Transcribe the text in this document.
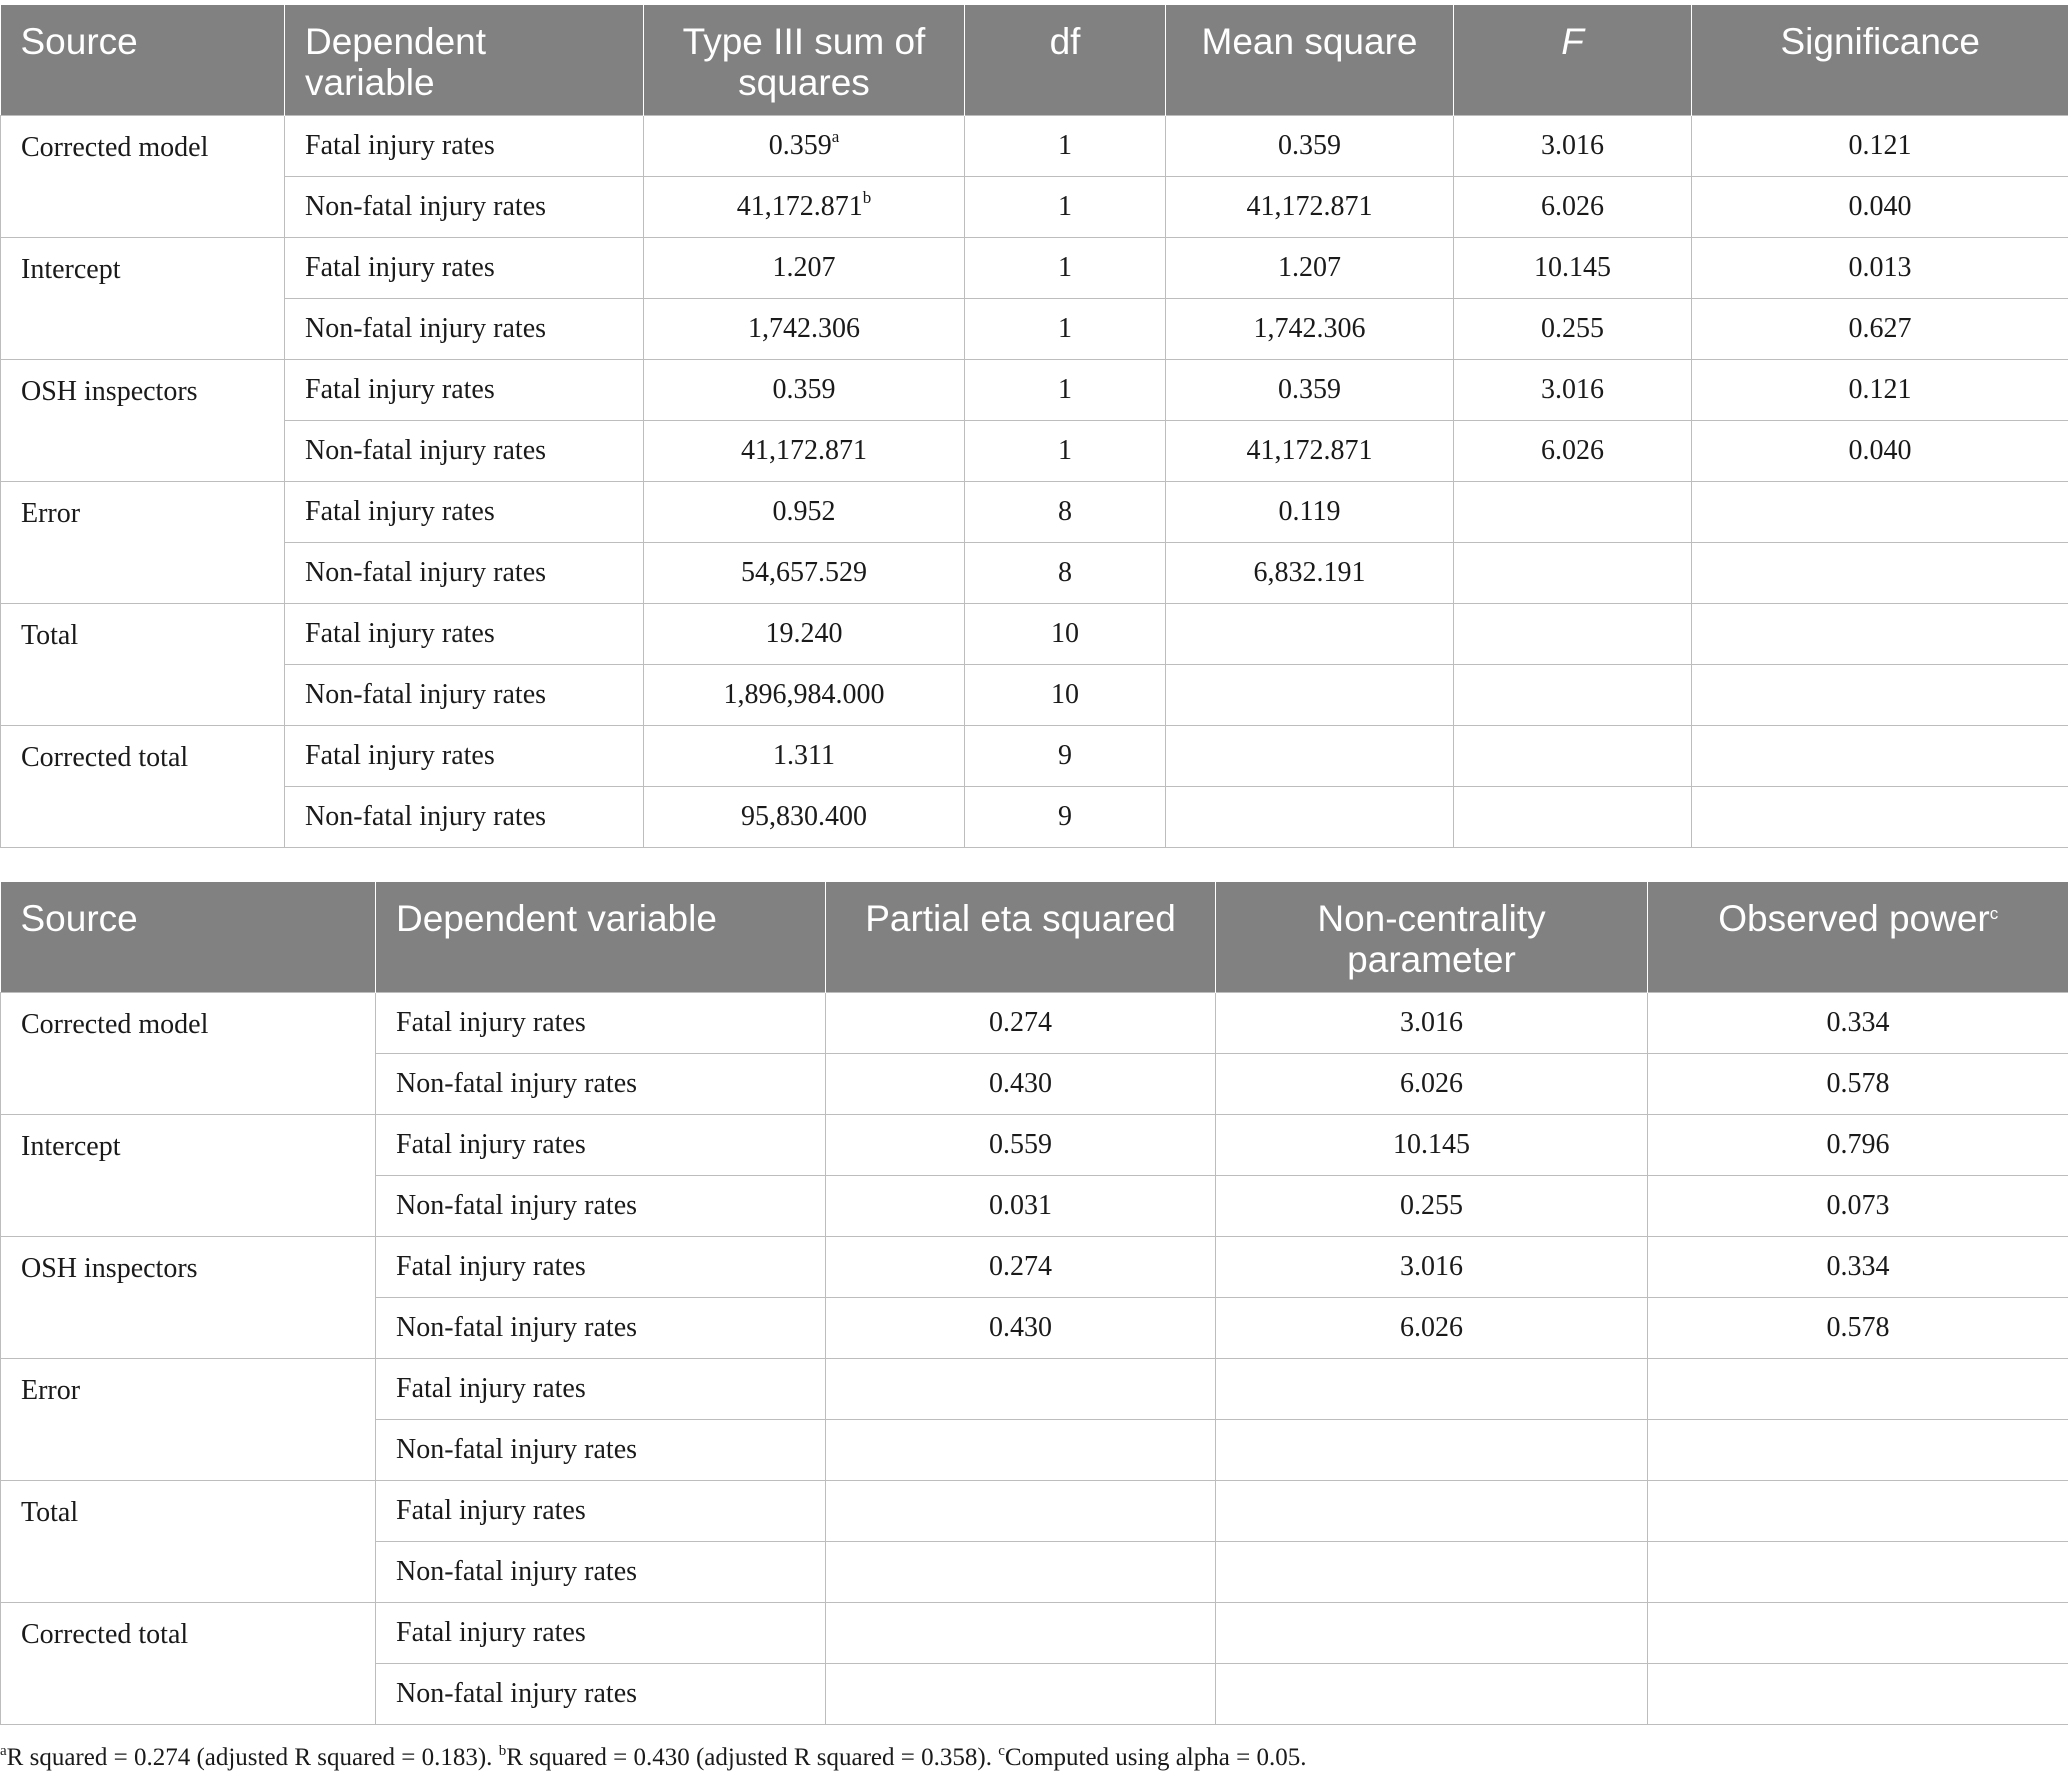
Source	Dependent variable	Type III sum of squares	df	Mean square	F	Significance
Corrected model	Fatal injury rates	0.359$^a$	1	0.359	3.016	0.121
	Non-fatal injury rates	41,172.871$^b$	1	41,172.871	6.026	0.040
Intercept	Fatal injury rates	1.207	1	1.207	10.145	0.013
	Non-fatal injury rates	1,742.306	1	1,742.306	0.255	0.627
OSH inspectors	Fatal injury rates	0.359	1	0.359	3.016	0.121
	Non-fatal injury rates	41,172.871	1	41,172.871	6.026	0.040
Error	Fatal injury rates	0.952	8	0.119		
	Non-fatal injury rates	54,657.529	8	6,832.191		
Total	Fatal injury rates	19.240	10			
	Non-fatal injury rates	1,896,984.000	10			
Corrected total	Fatal injury rates	1.311	9			
	Non-fatal injury rates	95,830.400	9			
Source	Dependent variable	Partial eta squared	Non-centrality parameter	Observed power$^c$
Corrected model	Fatal injury rates	0.274	3.016	0.334
	Non-fatal injury rates	0.430	6.026	0.578
Intercept	Fatal injury rates	0.559	10.145	0.796
	Non-fatal injury rates	0.031	0.255	0.073
OSH inspectors	Fatal injury rates	0.274	3.016	0.334
	Non-fatal injury rates	0.430	6.026	0.578
Error	Fatal injury rates			
	Non-fatal injury rates			
Total	Fatal injury rates			
	Non-fatal injury rates			
Corrected total	Fatal injury rates			
	Non-fatal injury rates			
$^a$R squared = 0.274 (adjusted R squared = 0.183). $^b$R squared = 0.430 (adjusted R squared = 0.358). $^c$Computed using alpha = 0.05.
